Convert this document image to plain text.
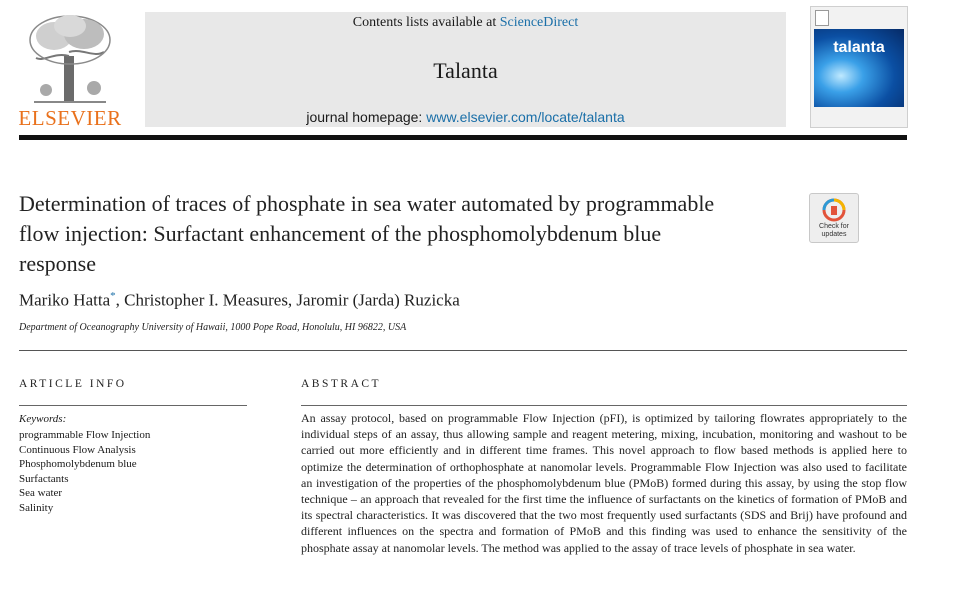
ELSEVIER
Contents lists available at ScienceDirect
Talanta
journal homepage: www.elsevier.com/locate/talanta
talanta
Determination of traces of phosphate in sea water automated by programmable flow injection: Surfactant enhancement of the phosphomolybdenum blue response
Check for updates
Mariko Hatta*, Christopher I. Measures, Jaromir (Jarda) Ruzicka
Department of Oceanography University of Hawaii, 1000 Pope Road, Honolulu, HI 96822, USA
ARTICLE INFO
Keywords:
programmable Flow Injection
Continuous Flow Analysis
Phosphomolybdenum blue
Surfactants
Sea water
Salinity
ABSTRACT

An assay protocol, based on programmable Flow Injection (pFI), is optimized by tailoring flowrates appropriately to the individual steps of an assay, thus allowing sample and reagent metering, mixing, incubation, monitoring and washout to be carried out more efficiently and in different time frames. This novel approach to flow based methods is applied here to optimize the determination of orthophosphate at nanomolar levels. Programmable Flow Injection was also used to facilitate an investigation of the properties of the phosphomolybdenum blue (PMoB) formed during this assay, by using the stop flow technique – an approach that revealed for the first time the influence of surfactants on the kinetics of formation of PMoB and its spectral characteristics. It was discovered that the two most frequently used surfactants (SDS and Brij) have profound and different influences on the spectra and formation of PMoB and this finding was used to enhance the sensitivity of the phosphate assay at nanomolar levels. The method was applied to the assay of trace levels of phosphate in sea water.
